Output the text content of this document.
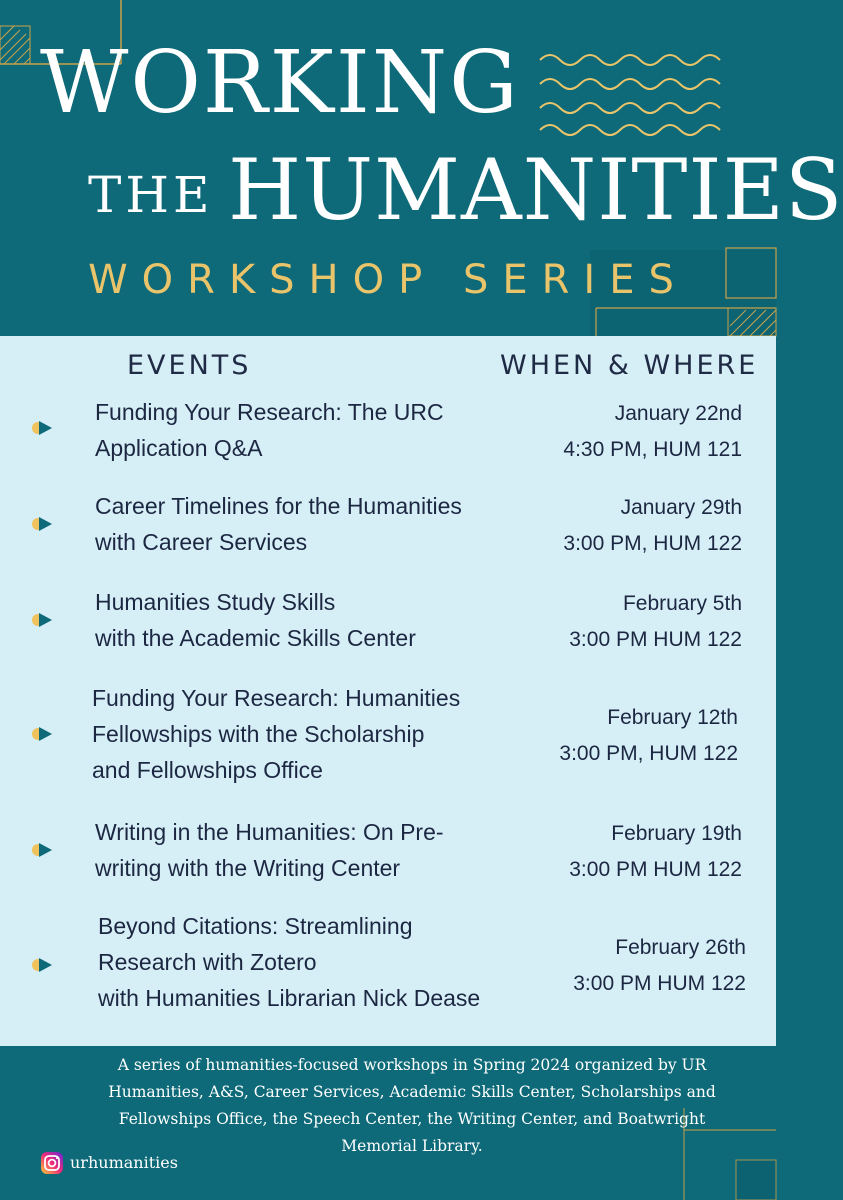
WORKING
THE HUMANITIES
WORKSHOP SERIES
EVENTS	WHEN & WHERE
Funding Your Research: The URC
Application Q&A
January 22nd
4:30 PM, HUM 121
Career Timelines for the Humanities
with Career Services
January 29th
3:00 PM, HUM 122
Humanities Study Skills
with the Academic Skills Center
February 5th
3:00 PM HUM 122
Funding Your Research: Humanities
Fellowships with the Scholarship
and Fellowships Office
February 12th
3:00 PM, HUM 122
Writing in the Humanities: On Pre-
writing with the Writing Center
February 19th
3:00 PM HUM 122
Beyond Citations: Streamlining
Research with Zotero
with Humanities Librarian Nick Dease
February 26th
3:00 PM HUM 122
A series of humanities-focused workshops in Spring 2024 organized by UR Humanities, A&S, Career Services, Academic Skills Center, Scholarships and Fellowships Office, the Speech Center, the Writing Center, and Boatwright Memorial Library.
urhumanities
